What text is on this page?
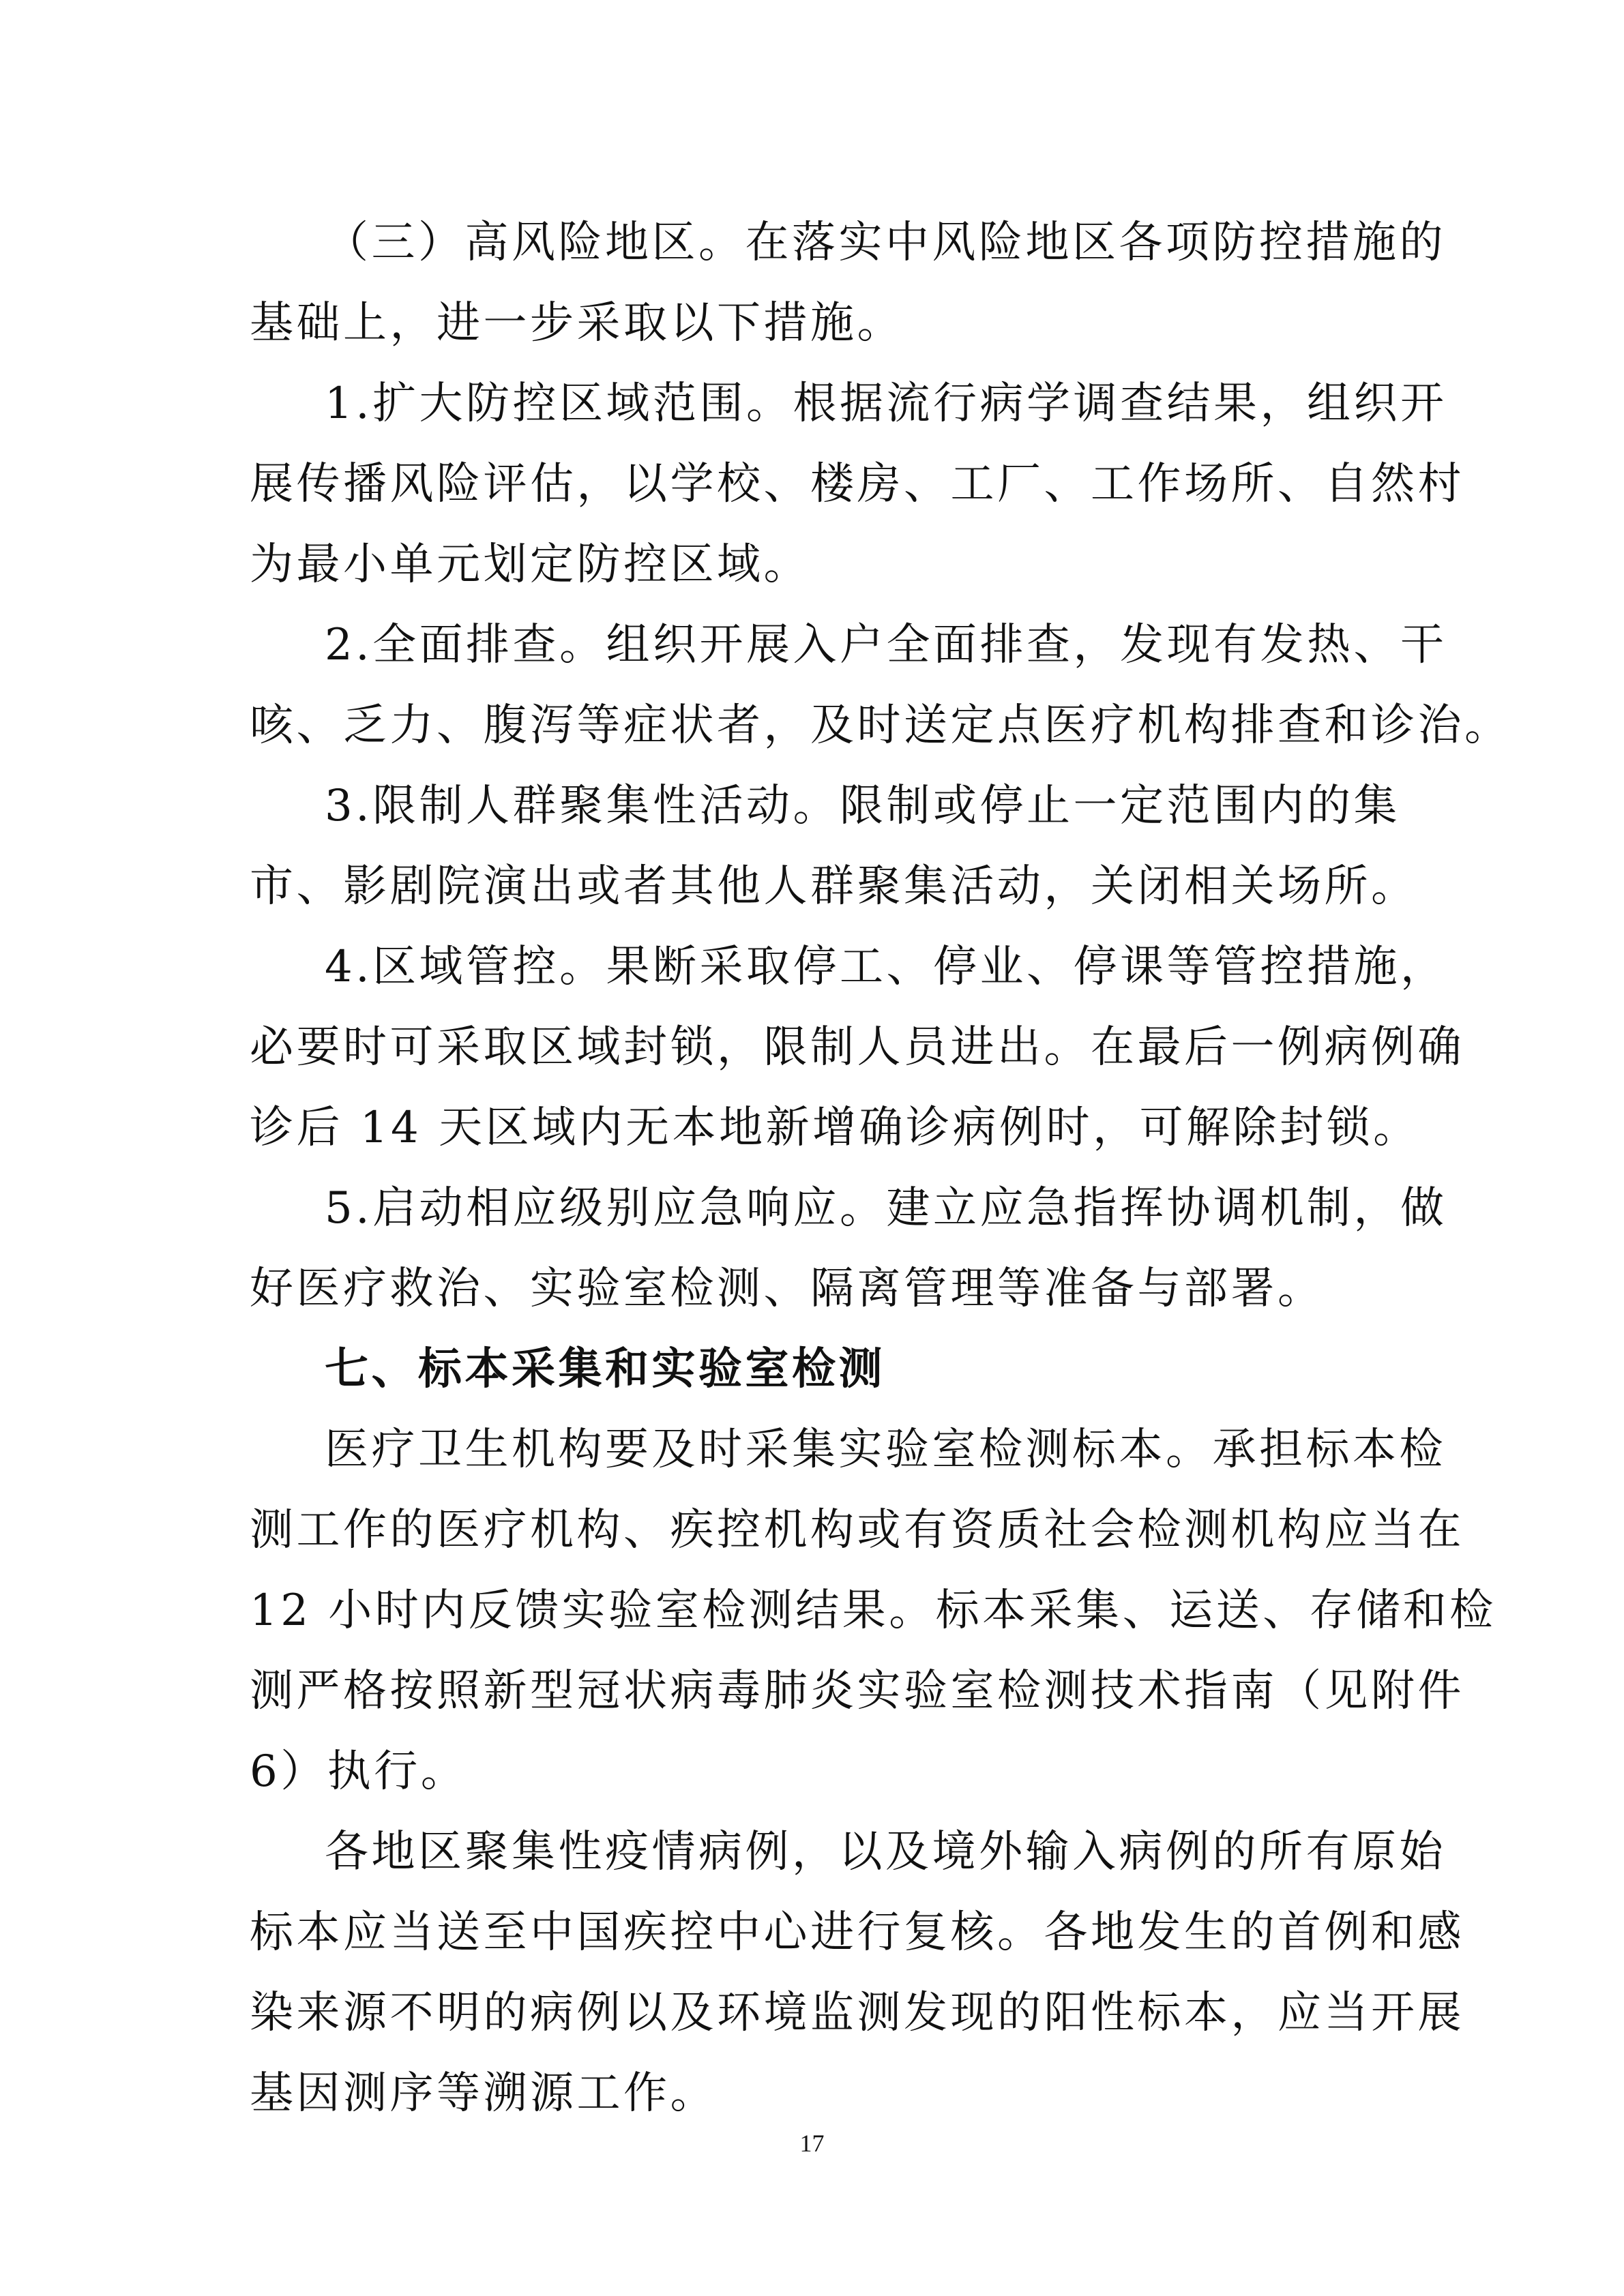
（三）高风险地区。在落实中风险地区各项防控措施的
基础上，进一步采取以下措施。
1.扩大防控区域范围。根据流行病学调查结果，组织开
展传播风险评估，以学校、楼房、工厂、工作场所、自然村
为最小单元划定防控区域。
2.全面排查。组织开展入户全面排查，发现有发热、干
咳、乏力、腹泻等症状者，及时送定点医疗机构排查和诊治。
3.限制人群聚集性活动。限制或停止一定范围内的集
市、影剧院演出或者其他人群聚集活动，关闭相关场所。
4.区域管控。果断采取停工、停业、停课等管控措施，
必要时可采取区域封锁，限制人员进出。在最后一例病例确
诊后 14 天区域内无本地新增确诊病例时，可解除封锁。
5.启动相应级别应急响应。建立应急指挥协调机制，做
好医疗救治、实验室检测、隔离管理等准备与部署。
七、标本采集和实验室检测
医疗卫生机构要及时采集实验室检测标本。承担标本检
测工作的医疗机构、疾控机构或有资质社会检测机构应当在
12 小时内反馈实验室检测结果。标本采集、运送、存储和检
测严格按照新型冠状病毒肺炎实验室检测技术指南（见附件
6）执行。
各地区聚集性疫情病例，以及境外输入病例的所有原始
标本应当送至中国疾控中心进行复核。各地发生的首例和感
染来源不明的病例以及环境监测发现的阳性标本，应当开展
基因测序等溯源工作。
17
